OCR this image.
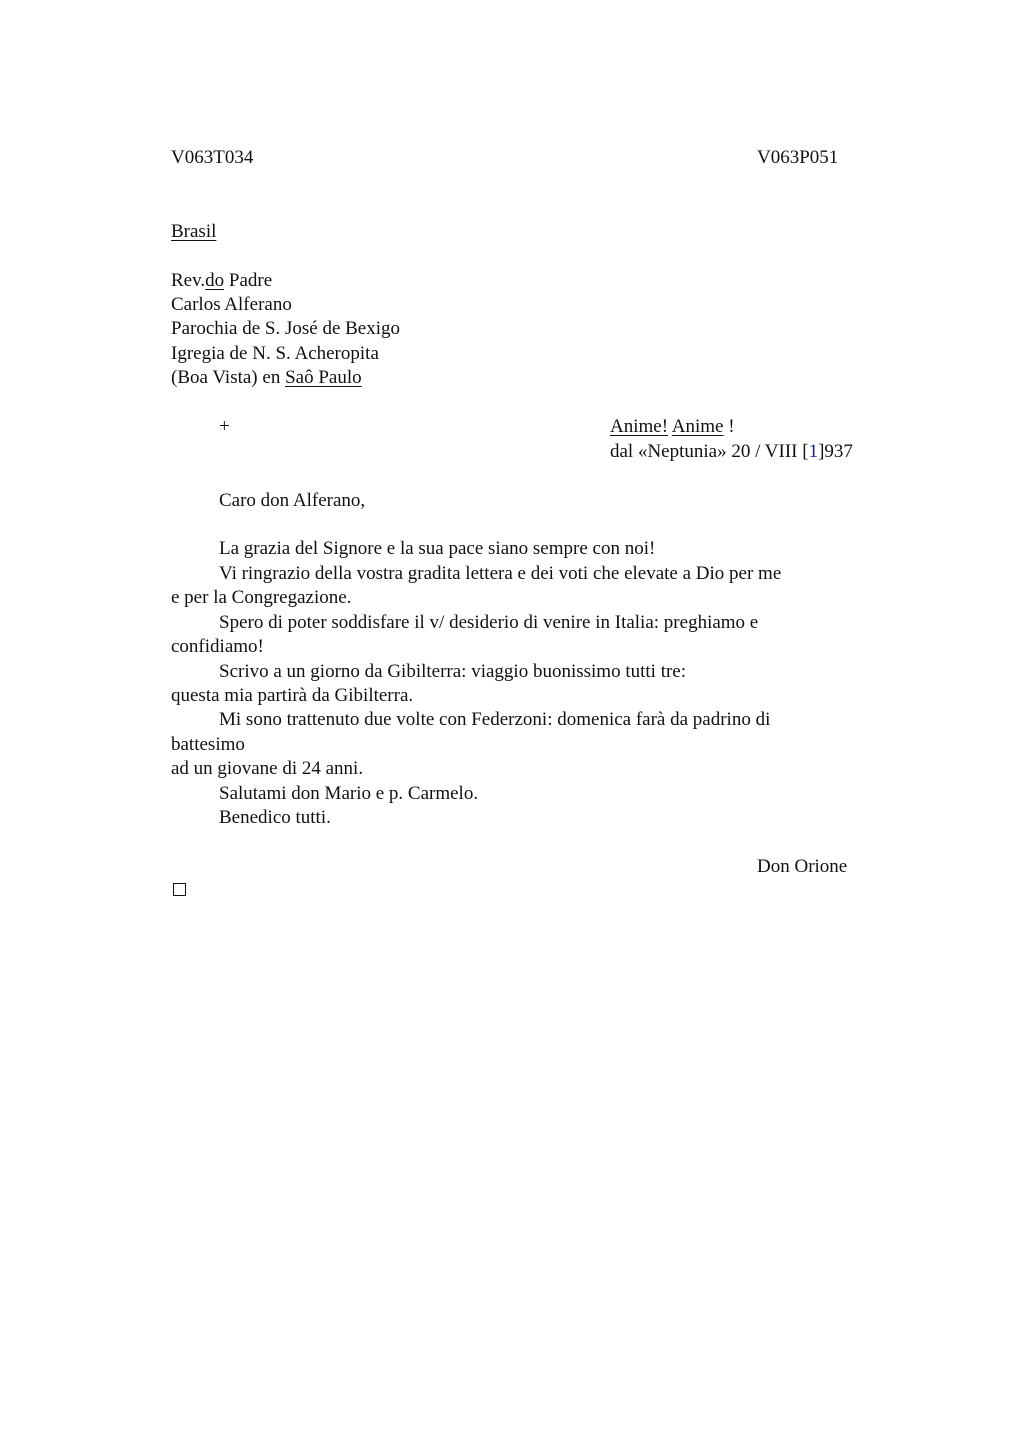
V063T034	V063P051
Brasil
Rev.do Padre
Carlos Alferano
Parochia de S. José de Bexigo
Igregia de N. S. Acheropita
(Boa Vista) en Saô Paulo
+	Anime! Anime !
dal «Neptunia» 20 / VIII [1]937
Caro don Alferano,
La grazia del Signore e la sua pace siano sempre con noi!
Vi ringrazio della vostra gradita lettera e dei voti che elevate a Dio per me
e per la Congregazione.
Spero di poter soddisfare il v/ desiderio di venire in Italia: preghiamo e
confidiamo!
Scrivo a un giorno da Gibilterra: viaggio buonissimo tutti tre:
questa mia partirà da Gibilterra.
Mi sono trattenuto due volte con Federzoni: domenica farà da padrino di
battesimo
ad un giovane di 24 anni.
Salutami don Mario e p. Carmelo.
Benedico tutti.
Don Orione
